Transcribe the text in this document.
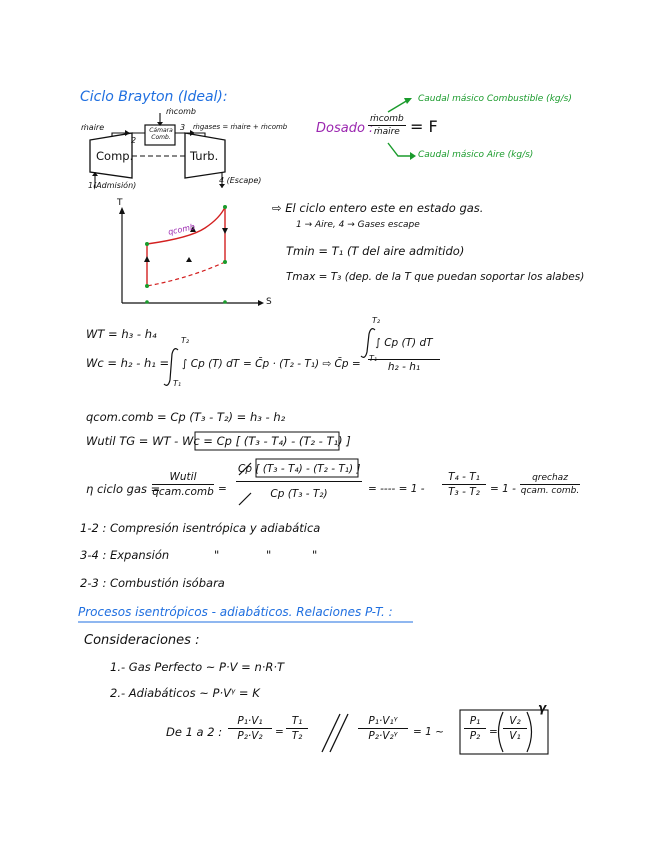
Ciclo Brayton (Ideal):
ṁcomb
ṁaire	Cámara Comb.
ṁgases = ṁaire + ṁcomb
Comp.	Turb.
2
3
1(Admisión)
4 (Escape)
Dosado :
ṁcomb
ṁaire = F
Caudal másico Combustible (kg/s)
Caudal másico Aire (kg/s)
T
S
qcomb
⇨ El ciclo entero este en estado gas.
1 → Aire, 4 → Gases escape
Tmin = T₁ (T del aire admitido)
Tmax = T₃ (dep. de la T que puedan soportar los alabes)
WT = h₃ - h₄
Wc = h₂ - h₁ =
T₂
T₁
∫ Cp (T) dT = C̄p · (T₂ - T₁) ⇨ C̄p =
T₂
T₁
$\frac{\int Cp (T) dT}{\text{h₂ - h₁}}$
qcom.comb = Cp (T₃ - T₂) = h₃ - h₂
Wutil TG = WT - Wc = Cp [ (T₃ - T₄) - (T₂ - T₁) ]
η ciclo gas =
Wutil
qcam.comb = $\frac{\text{Cp [ (T₃ - T₄) - (T₂ - T₁) ]}}{\text{Cp (T₃ - T₂)}}$ = ---- = $1 - \frac{\text{T₄ - T₁}}{\text{T₃ - T₂}} = 1$ -
qrechaz
qcam. comb.
1-2 : Compresión isentrópica y adiabática
3-4 : Expansión	"	"	"
2-3 : Combustión isóbara
Procesos isentrópicos - adiabáticos. Relaciones P-T. :
Consideraciones :
1.- Gas Perfecto ~ P·V = n·R·T
2.- Adiabáticos ~ P·Vᵞ = K
De 1 a 2 : $\frac{\text{P₁·V₁}}{\text{P₂·V₂}} = \frac{\text{T₁}}{\text{T₂}}$	$\frac{\text{P₁·V₁ᵞ}}{\text{P₂·V₂ᵞ}} = 1$ ~ $\frac{\text{P₁}}{\text{P₂}} = \frac{\text{V₂}}{\text{V₁}}$
γ
